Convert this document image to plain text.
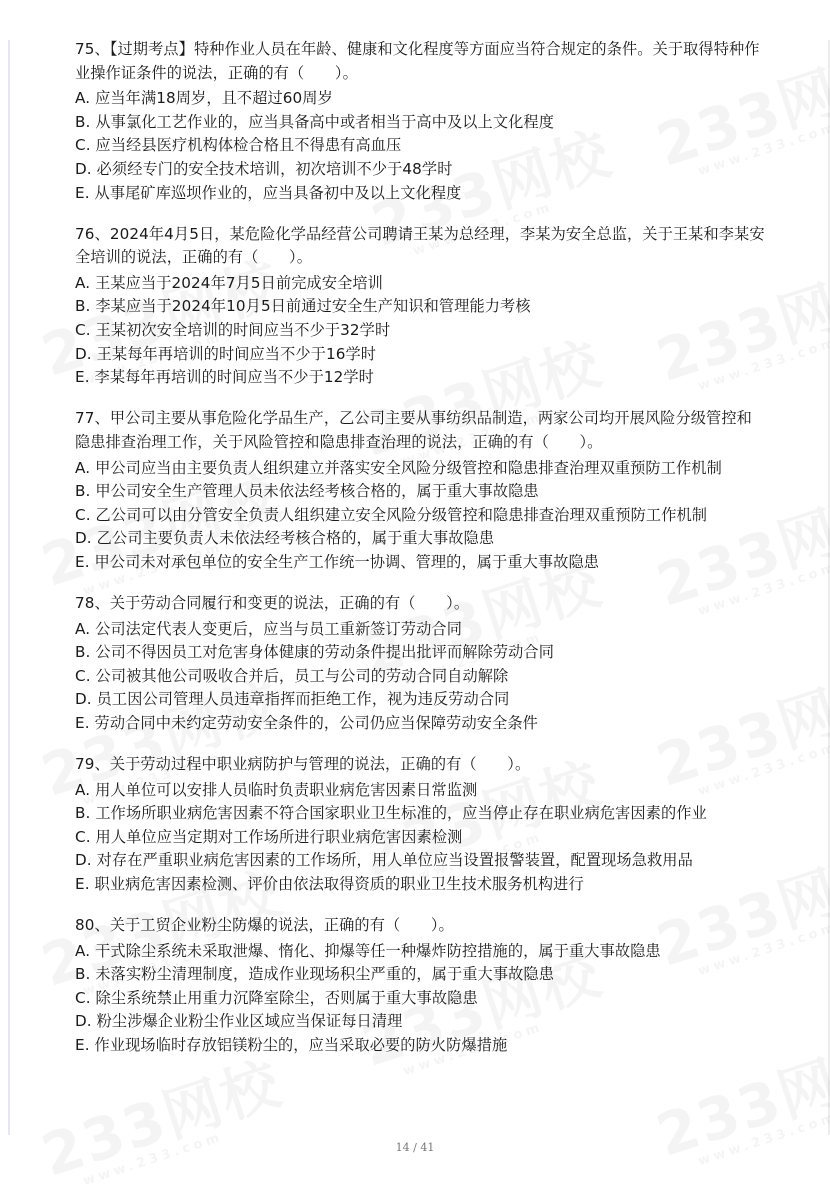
75、【过期考点】特种作业人员在年龄、健康和文化程度等方面应当符合规定的条件。关于取得特种作业操作证条件的说法，正确的有（　　）。

A. 应当年满18周岁，且不超过60周岁

B. 从事氯化工艺作业的，应当具备高中或者相当于高中及以上文化程度

C. 应当经县医疗机构体检合格且不得患有高血压

D. 必须经专门的安全技术培训，初次培训不少于48学时

E. 从事尾矿库巡坝作业的，应当具备初中及以上文化程度

76、2024年4月5日，某危险化学品经营公司聘请王某为总经理，李某为安全总监，关于王某和李某安全培训的说法，正确的有（　　）。

A. 王某应当于2024年7月5日前完成安全培训

B. 李某应当于2024年10月5日前通过安全生产知识和管理能力考核

C. 王某初次安全培训的时间应当不少于32学时

D. 王某每年再培训的时间应当不少于16学时

E. 李某每年再培训的时间应当不少于12学时

77、甲公司主要从事危险化学品生产，乙公司主要从事纺织品制造，两家公司均开展风险分级管控和隐患排查治理工作，关于风险管控和隐患排查治理的说法，正确的有（　　）。

A. 甲公司应当由主要负责人组织建立并落实安全风险分级管控和隐患排查治理双重预防工作机制

B. 甲公司安全生产管理人员未依法经考核合格的，属于重大事故隐患

C. 乙公司可以由分管安全负责人组织建立安全风险分级管控和隐患排查治理双重预防工作机制

D. 乙公司主要负责人未依法经考核合格的，属于重大事故隐患

E. 甲公司未对承包单位的安全生产工作统一协调、管理的，属于重大事故隐患

78、关于劳动合同履行和变更的说法，正确的有（　　）。

A. 公司法定代表人变更后，应当与员工重新签订劳动合同

B. 公司不得因员工对危害身体健康的劳动条件提出批评而解除劳动合同

C. 公司被其他公司吸收合并后，员工与公司的劳动合同自动解除

D. 员工因公司管理人员违章指挥而拒绝工作，视为违反劳动合同

E. 劳动合同中未约定劳动安全条件的，公司仍应当保障劳动安全条件

79、关于劳动过程中职业病防护与管理的说法，正确的有（　　）。

A. 用人单位可以安排人员临时负责职业病危害因素日常监测

B. 工作场所职业病危害因素不符合国家职业卫生标准的，应当停止存在职业病危害因素的作业

C. 用人单位应当定期对工作场所进行职业病危害因素检测

D. 对存在严重职业病危害因素的工作场所，用人单位应当设置报警装置，配置现场急救用品

E. 职业病危害因素检测、评价由依法取得资质的职业卫生技术服务机构进行

80、关于工贸企业粉尘防爆的说法，正确的有（　　）。

A. 干式除尘系统未采取泄爆、惰化、抑爆等任一种爆炸防控措施的，属于重大事故隐患

B. 未落实粉尘清理制度，造成作业现场积尘严重的，属于重大事故隐患

C. 除尘系统禁止用重力沉降室除尘，否则属于重大事故隐患

D. 粉尘涉爆企业粉尘作业区域应当保证每日清理

E. 作业现场临时存放铝镁粉尘的，应当采取必要的防火防爆措施

14 / 41
